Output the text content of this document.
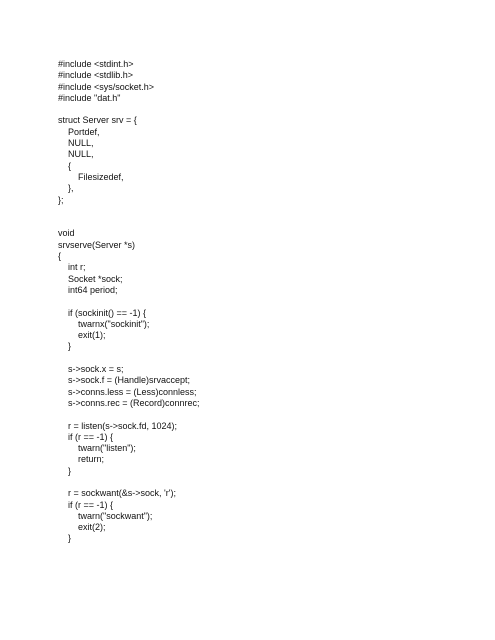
#include <stdint.h>
#include <stdlib.h>
#include <sys/socket.h>
#include "dat.h"
struct Server srv = {
Portdef,
NULL,
NULL,
{
Filesizedef,
},
};
void
srvserve(Server *s)
{
int r;
Socket *sock;
int64 period;
if (sockinit() == -1) {
twarnx("sockinit");
exit(1);
}
s->sock.x = s;
s->sock.f = (Handle)srvaccept;
s->conns.less = (Less)connless;
s->conns.rec = (Record)connrec;
r = listen(s->sock.fd, 1024);
if (r == -1) {
twarn("listen");
return;
}
r = sockwant(&s->sock, 'r');
if (r == -1) {
twarn("sockwant");
exit(2);
}
